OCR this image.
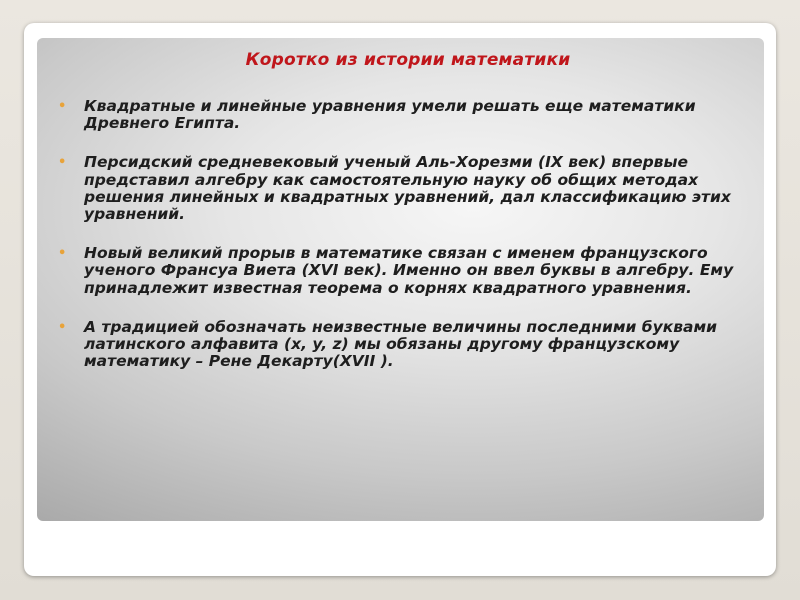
Коротко из истории математики
• Квадратные и линейные уравнения умели решать еще математики Древнего Египта.
• Персидский средневековый ученый Аль-Хорезми (IX век) впервые представил алгебру как самостоятельную науку об общих методах решения линейных и квадратных уравнений, дал классификацию этих уравнений.
• Новый великий прорыв в математике связан с именем французского ученого Франсуа Виета (XVI век). Именно он ввел буквы в алгебру. Ему принадлежит известная теорема о корнях квадратного уравнения.
• А традицией обозначать неизвестные величины последними буквами латинского алфавита (x, y, z) мы обязаны другому французскому математику – Рене Декарту(XVII ).
